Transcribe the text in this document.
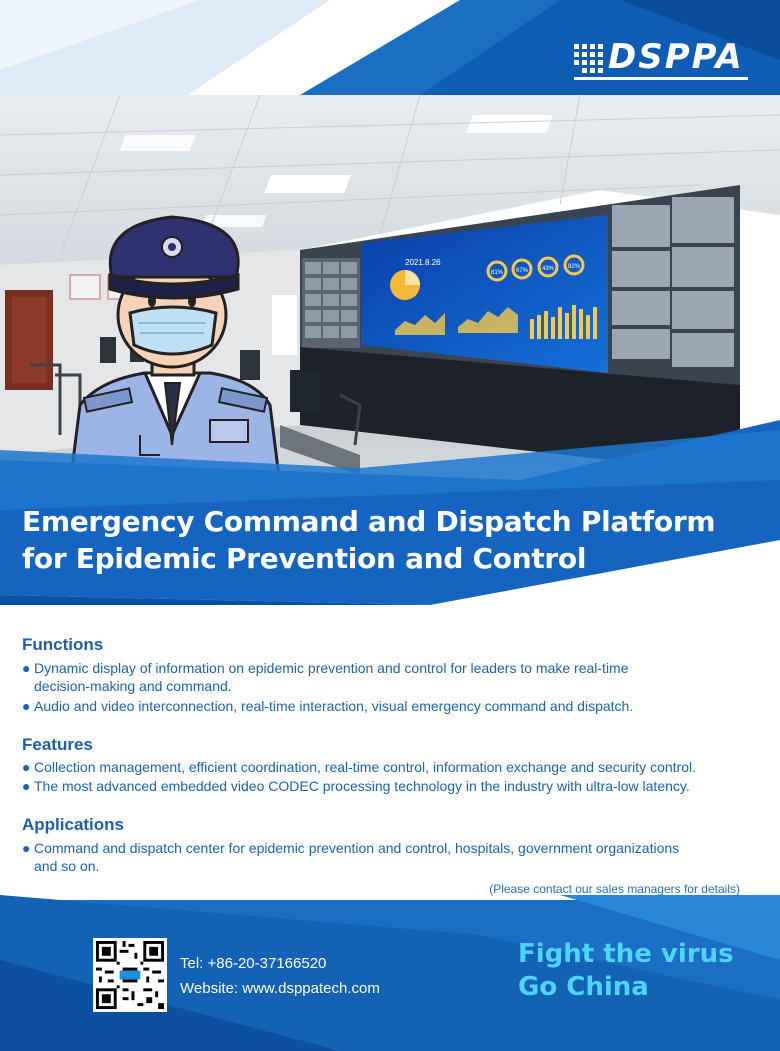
DSPPA
2021.8.26
81% 67% 43% 82%
Emergency Command and Dispatch Platform
for Epidemic Prevention and Control
Functions
● Dynamic display of information on epidemic prevention and control for leaders to make real-time
decision-making and command.
● Audio and video interconnection, real-time interaction, visual emergency command and dispatch.
Features
● Collection management, efficient coordination, real-time control, information exchange and security control.
● The most advanced embedded video CODEC processing technology in the industry with ultra-low latency.
Applications
● Command and dispatch center for epidemic prevention and control, hospitals, government organizations
and so on.
(Please contact our sales managers for details)
Tel: +86-20-37166520
Website: www.dsppatech.com
Fight the virus
Go China
